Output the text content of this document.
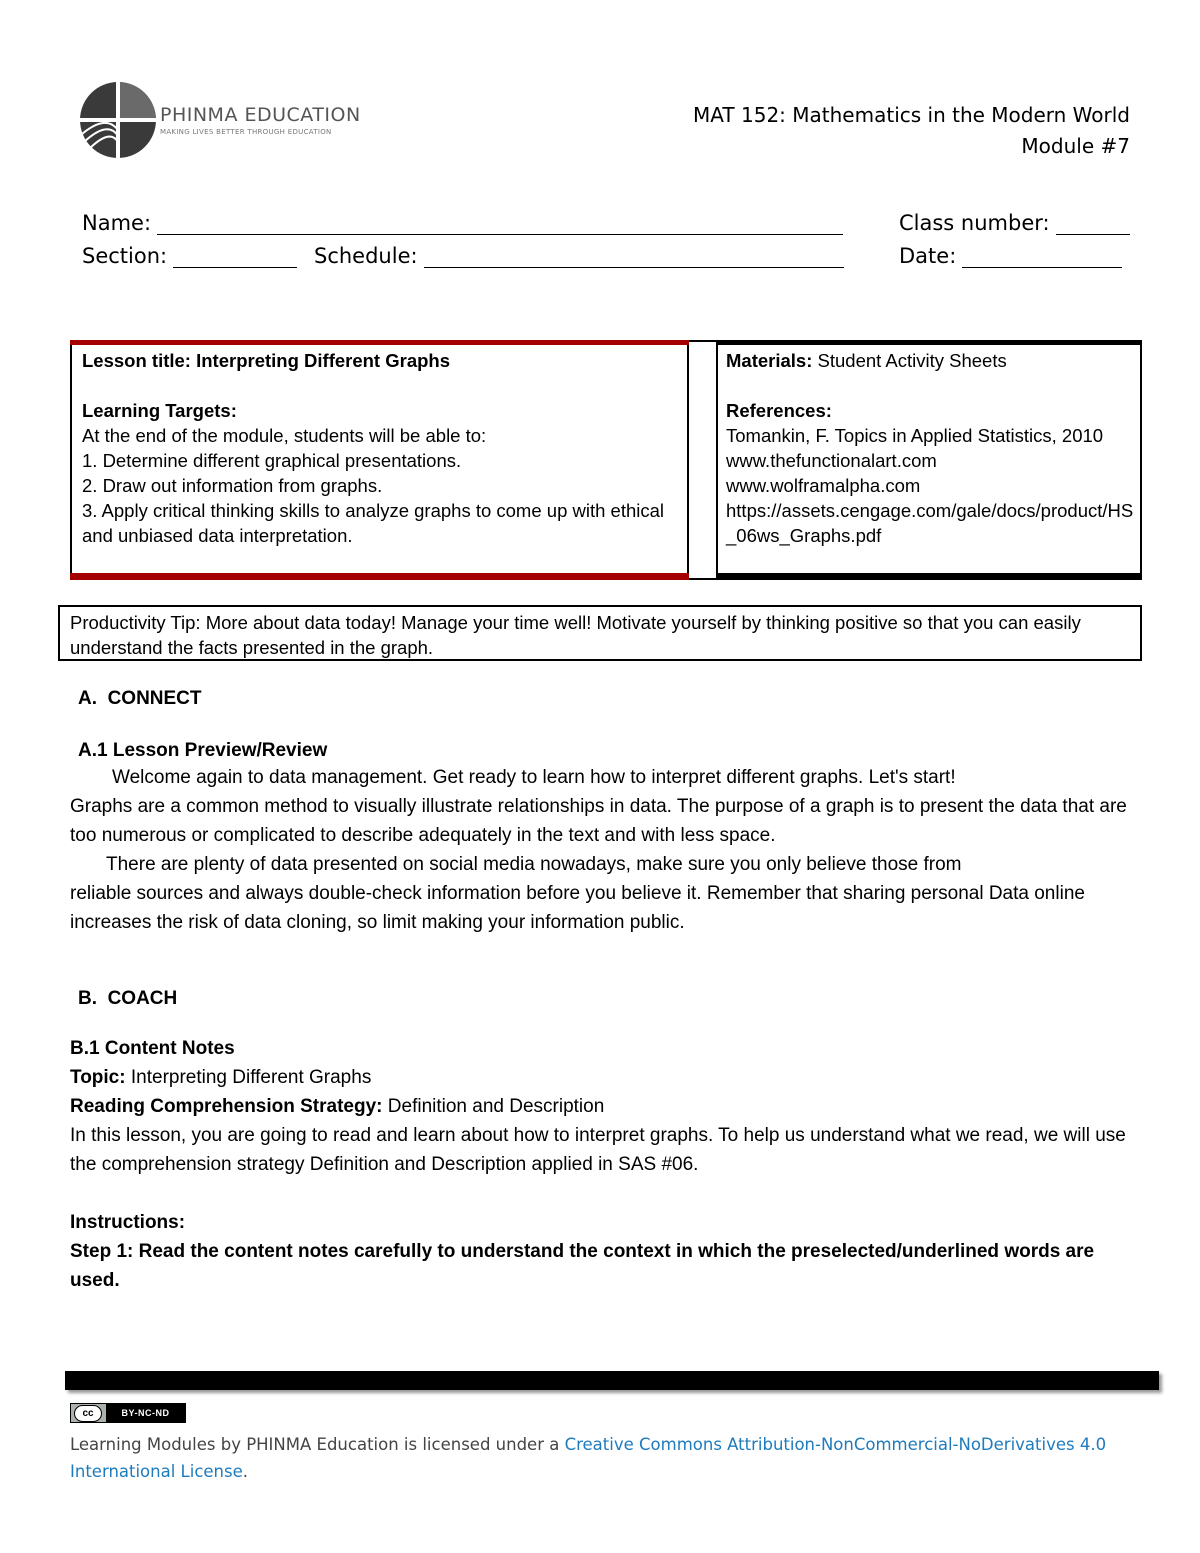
PHINMA EDUCATION
MAKING LIVES BETTER THROUGH EDUCATION
MAT 152: Mathematics in the Modern World
Module #7
Name:	Class number:
Section:	Schedule:	Date:
Lesson title: Interpreting Different Graphs
Learning Targets:
At the end of the module, students will be able to:
1. Determine different graphical presentations.
2. Draw out information from graphs.
3. Apply critical thinking skills to analyze graphs to come up with ethical and unbiased data interpretation.
Materials: Student Activity Sheets
References:
Tomankin, F. Topics in Applied Statistics, 2010
www.thefunctionalart.com
www.wolframalpha.com
https://assets.cengage.com/gale/docs/product/HS_06ws_Graphs.pdf
Productivity Tip: More about data today! Manage your time well! Motivate yourself by thinking positive so that you can easily understand the facts presented in the graph.
A. CONNECT
A.1 Lesson Preview/Review
Welcome again to data management. Get ready to learn how to interpret different graphs. Let's start!
Graphs are a common method to visually illustrate relationships in data. The purpose of a graph is to present the data that are too numerous or complicated to describe adequately in the text and with less space.
There are plenty of data presented on social media nowadays, make sure you only believe those from
reliable sources and always double-check information before you believe it. Remember that sharing personal Data online increases the risk of data cloning, so limit making your information public.
B. COACH
B.1 Content Notes
Topic: Interpreting Different Graphs
Reading Comprehension Strategy: Definition and Description
In this lesson, you are going to read and learn about how to interpret graphs. To help us understand what we read, we will use the comprehension strategy Definition and Description applied in SAS #06.
Instructions:
Step 1: Read the content notes carefully to understand the context in which the preselected/underlined words are used.
cc	BY-NC-ND
Learning Modules by PHINMA Education is licensed under a Creative Commons Attribution-NonCommercial-NoDerivatives 4.0 International License.
